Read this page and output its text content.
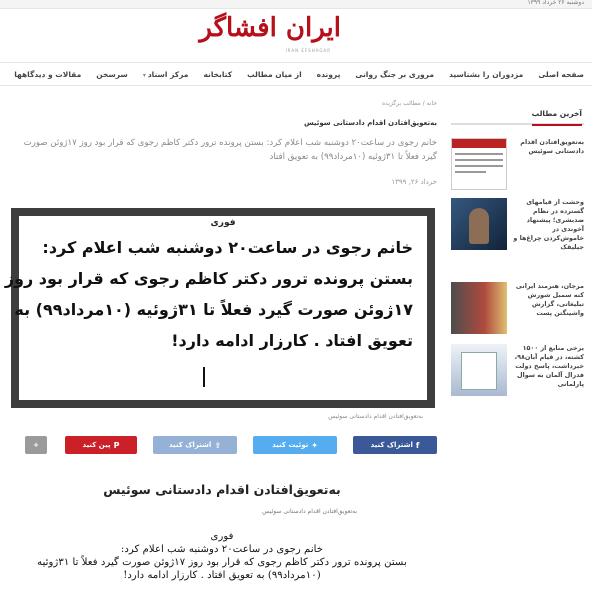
دوشنبه ۲۶ خرداد ۱۳۹۹
ایران افشاگر
IRAN EFSHAGAR
صفحه اصلی
مزدوران را بشناسید
مروری بر جنگ روانی
پرونده
از میان مطالب
کتابخانه
مرکز اسناد▾
سرسخن
مقالات و دیدگاهها
خانه / مطالب برگزیده
به‌تعویق‌افتادن اقدام دادستانی سوئیس

خانم رجوی در ساعت۲۰ دوشنبه شب اعلام کرد: بستن پرونده ترور دکتر کاظم رجوی که قرار بود روز ۱۷ژوئن صورت گیرد فعلاً تا ۳۱ژوئیه (۱۰مرداد۹۹) به تعویق افتاد

خرداد ۲۶, ۱۳۹۹
فوری
خانم رجوی در ساعت۲۰ دوشنبه شب اعلام کرد:
بستن پرونده ترور دکتر کاظم رجوی که قرار بود روز
۱۷ژوئن صورت گیرد فعلاً تا ۳۱ژوئیه (۱۰مرداد۹۹) به
تعویق افتاد . کارزار ادامه دارد!
به‌تعویق‌افتادن اقدام دادستانی سوئیس
f
اشتراک کنید
✦
توئیت کنید
⇪
اشتراک کنید
P
پین کنید
+
به‌تعویق‌افتادن اقدام دادستانی سوئیس
به‌تعویق‌افتادن اقدام دادستانی سوئیس
فوری
خانم رجوی در ساعت۲۰ دوشنبه شب اعلام کرد:
بستن پرونده ترور دکتر کاظم رجوی که قرار بود روز ۱۷ژوئن صورت گیرد فعلاً تا ۳۱ژوئیه
(۱۰مرداد۹۹) به تعویق افتاد . کارزار ادامه دارد!
آخرین مطالب
به‌تعویق‌افتادن اقدام دادستانی سوئیس
وحشت از قیامهای گسترده در نظام ضدبشری؛ پیشنهاد آخوندی در خاموش‌کردن چراغ‌ها و جیلیقک
مرجان، هنرمند ایرانی کنه سمبل شورش تبلیغاتی، گزارش واشینگتن پست
برخی منابع از ۱۵۰۰ کشته، در قیام آبان۹۸، خبرداشت، پاسخ دولت فدرال آلمان به سوال پارلمانی
